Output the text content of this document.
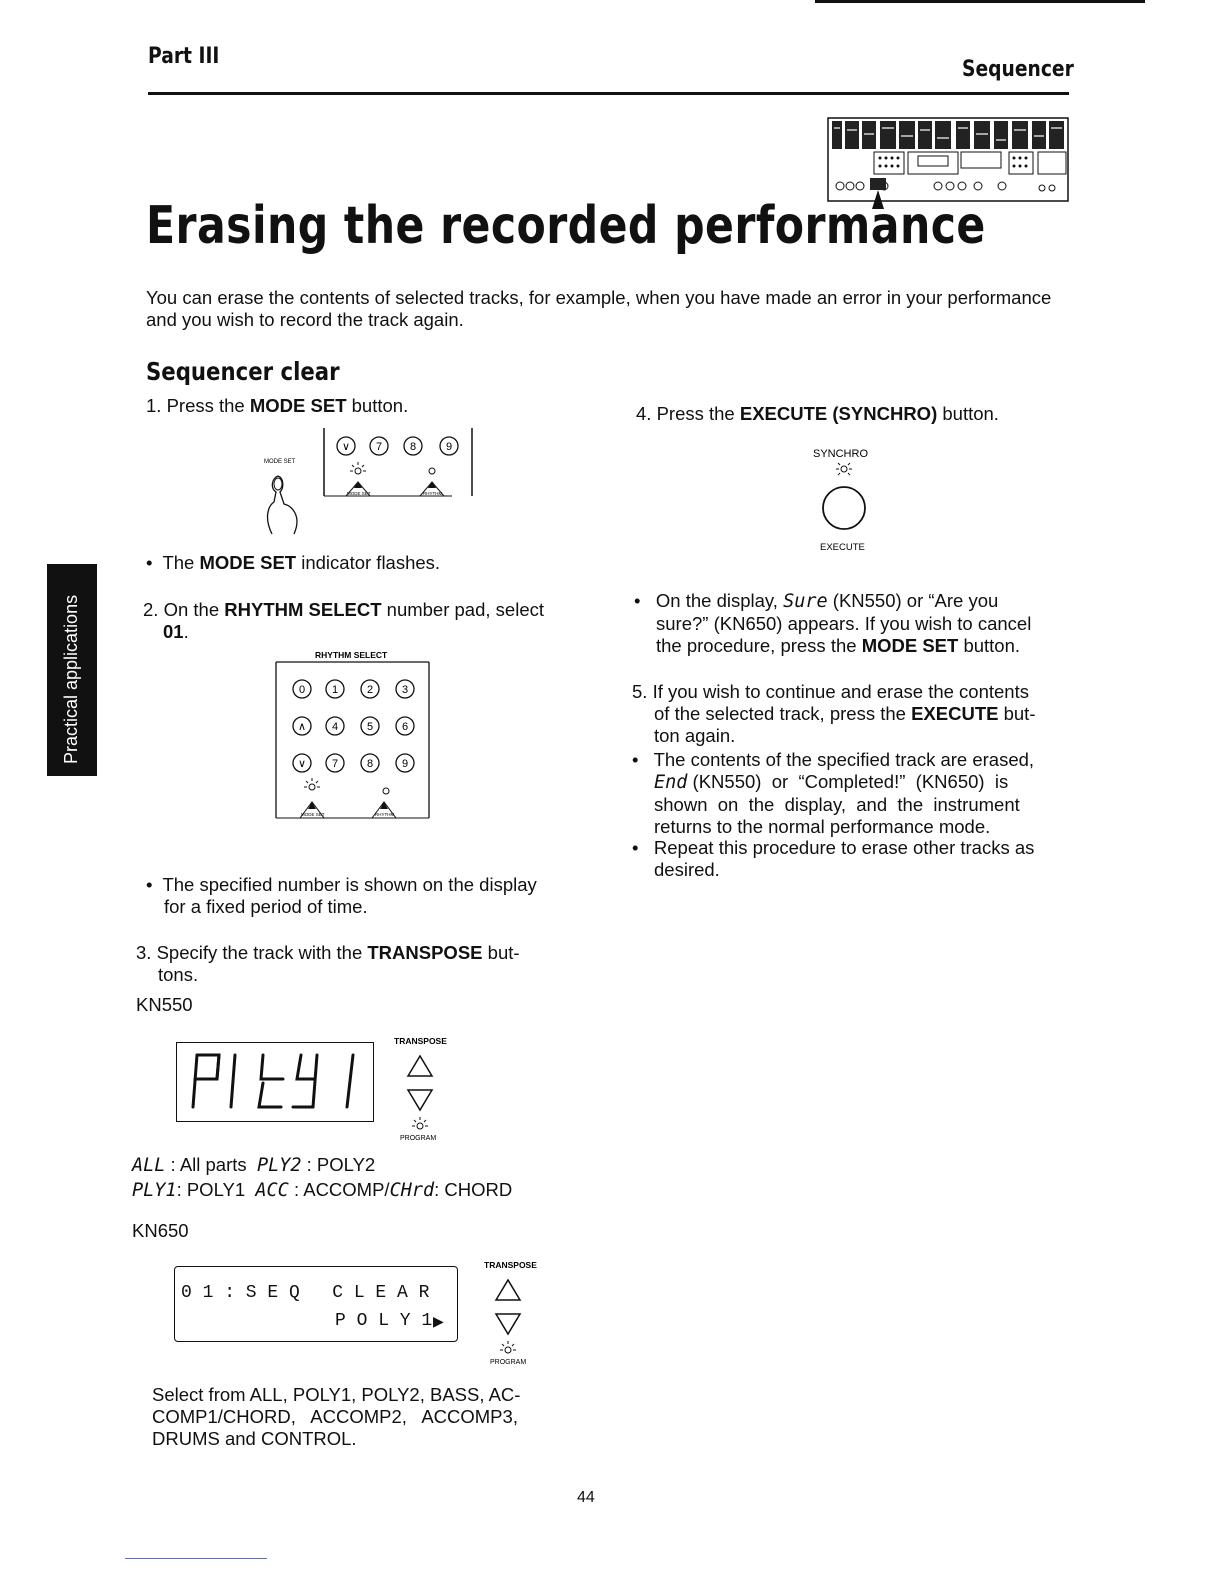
Part III
Sequencer
Erasing the recorded performance
You can erase the contents of selected tracks, for example, when you have made an error in your performance and you wish to record the track again.
Sequencer clear
Practical applications
1. Press the MODE SET button.
∨ 7	8	9
MODE SET
MODE SET	RHYTHM
•  The MODE SET indicator flashes.
2. On the RHYTHM SELECT number pad, select
01.
RHYTHM SELECT
0 1	2	3
∧ 4	5	6
∨ 7	8	9
MODE SET	RHYTHM
•  The specified number is shown on the display
for a fixed period of time.
3. Specify the track with the TRANSPOSE but-
tons.
KN550
TRANSPOSE
PROGRAM
ALL : All parts PLY2 : POLY2
PLY1: POLY1 ACC : ACCOMP/CHrd: CHORD
KN650
0 1 : S E Q   C L E A R
P O L Y 1 ▶
TRANSPOSE
PROGRAM
Select from ALL, POLY1, POLY2, BASS, AC-
COMP1/CHORD,   ACCOMP2,   ACCOMP3,
DRUMS and CONTROL.
4. Press the EXECUTE (SYNCHRO) button.
SYNCHRO
EXECUTE
•   On the display, Sure (KN550) or “Are you
sure?” (KN650) appears. If you wish to cancel
the procedure, press the MODE SET button.
5. If you wish to continue and erase the contents
of the selected track, press the EXECUTE but-
ton again.
•   The contents of the specified track are erased,
End (KN550)  or  “Completed!”  (KN650)  is
shown  on  the  display,  and  the  instrument
returns to the normal performance mode.
•   Repeat this procedure to erase other tracks as
desired.
44
